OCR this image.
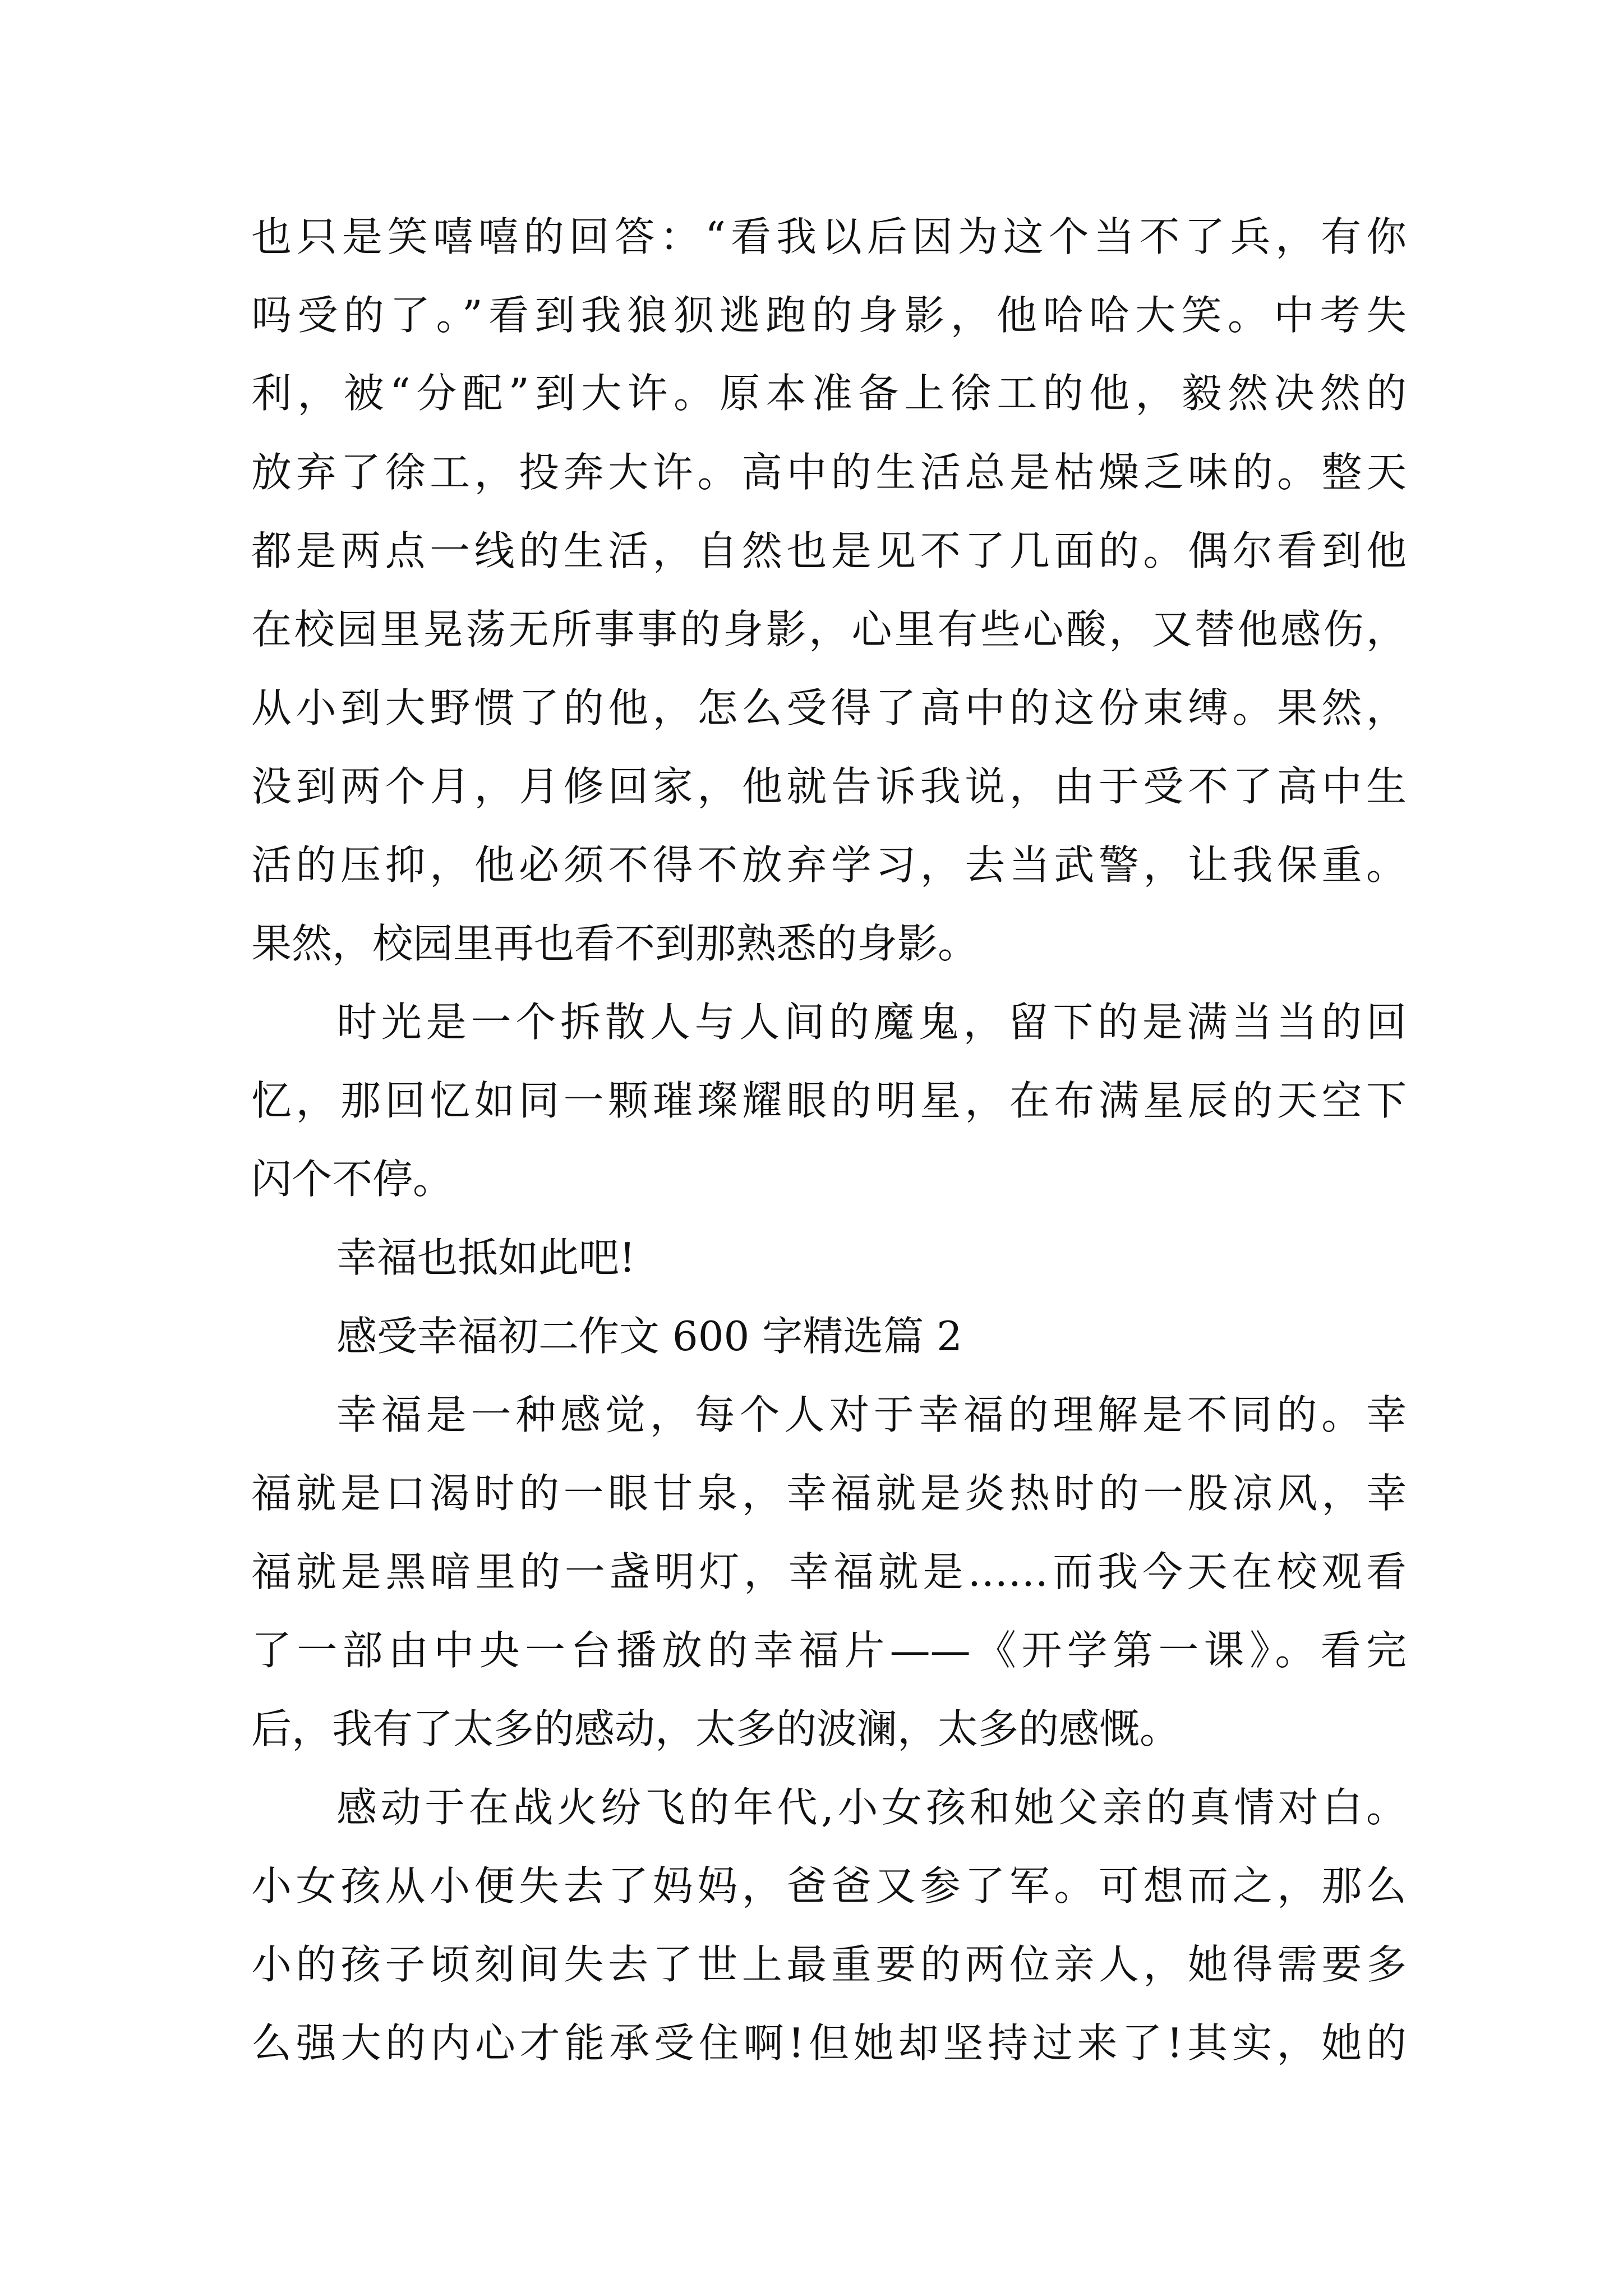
也只是笑嘻嘻的回答：“看我以后因为这个当不了兵，有你

吗受的了。”看到我狼狈逃跑的身影，他哈哈大笑。中考失

利，被“分配”到大许。原本准备上徐工的他，毅然决然的

放弃了徐工，投奔大许。高中的生活总是枯燥乏味的。整天

都是两点一线的生活，自然也是见不了几面的。偶尔看到他

在校园里晃荡无所事事的身影，心里有些心酸，又替他感伤，

从小到大野惯了的他，怎么受得了高中的这份束缚。果然，

没到两个月，月修回家，他就告诉我说，由于受不了高中生

活的压抑，他必须不得不放弃学习，去当武警，让我保重。

果然，校园里再也看不到那熟悉的身影。

时光是一个拆散人与人间的魔鬼，留下的是满当当的回

忆，那回忆如同一颗璀璨耀眼的明星，在布满星辰的天空下

闪个不停。

幸福也抵如此吧!

感受幸福初二作文 600 字精选篇 2

幸福是一种感觉，每个人对于幸福的理解是不同的。幸

福就是口渴时的一眼甘泉，幸福就是炎热时的一股凉风，幸

福就是黑暗里的一盏明灯，幸福就是……而我今天在校观看

了一部由中央一台播放的幸福片——《开学第一课》。看完

后，我有了太多的感动，太多的波澜，太多的感慨。

感动于在战火纷飞的年代,小女孩和她父亲的真情对白。

小女孩从小便失去了妈妈，爸爸又参了军。可想而之，那么

小的孩子顷刻间失去了世上最重要的两位亲人，她得需要多

么强大的内心才能承受住啊!但她却坚持过来了!其实，她的
